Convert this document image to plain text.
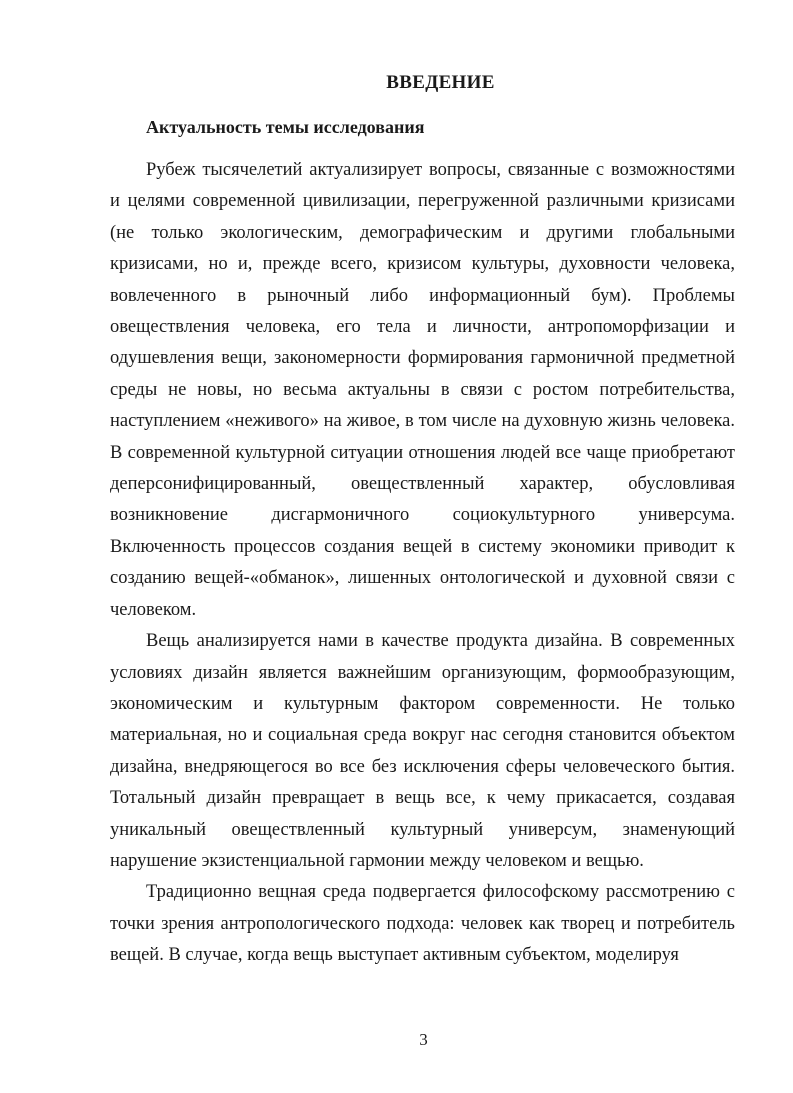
ВВЕДЕНИЕ
Актуальность темы исследования

Рубеж тысячелетий актуализирует вопросы, связанные с возможностями и целями современной цивилизации, перегруженной различными кризисами (не только экологическим, демографическим и другими глобальными кризисами, но и, прежде всего, кризисом культуры, духовности человека, вовлеченного в рыночный либо информационный бум). Проблемы овеществления человека, его тела и личности, антропоморфизации и одушевления вещи, закономерности формирования гармоничной предметной среды не новы, но весьма актуальны в связи с ростом потребительства, наступлением «неживого» на живое, в том числе на духовную жизнь человека. В современной культурной ситуации отношения людей все чаще приобретают деперсонифицированный, овеществленный характер, обусловливая возникновение дисгармоничного социокультурного универсума. Включенность процессов создания вещей в систему экономики приводит к созданию вещей-«обманок», лишенных онтологической и духовной связи с человеком.

Вещь анализируется нами в качестве продукта дизайна. В современных условиях дизайн является важнейшим организующим, формообразующим, экономическим и культурным фактором современности. Не только материальная, но и социальная среда вокруг нас сегодня становится объектом дизайна, внедряющегося во все без исключения сферы человеческого бытия. Тотальный дизайн превращает в вещь все, к чему прикасается, создавая уникальный овеществленный культурный универсум, знаменующий нарушение экзистенциальной гармонии между человеком и вещью.

Традиционно вещная среда подвергается философскому рассмотрению с точки зрения антропологического подхода: человек как творец и потребитель вещей. В случае, когда вещь выступает активным субъектом, моделируя

3
